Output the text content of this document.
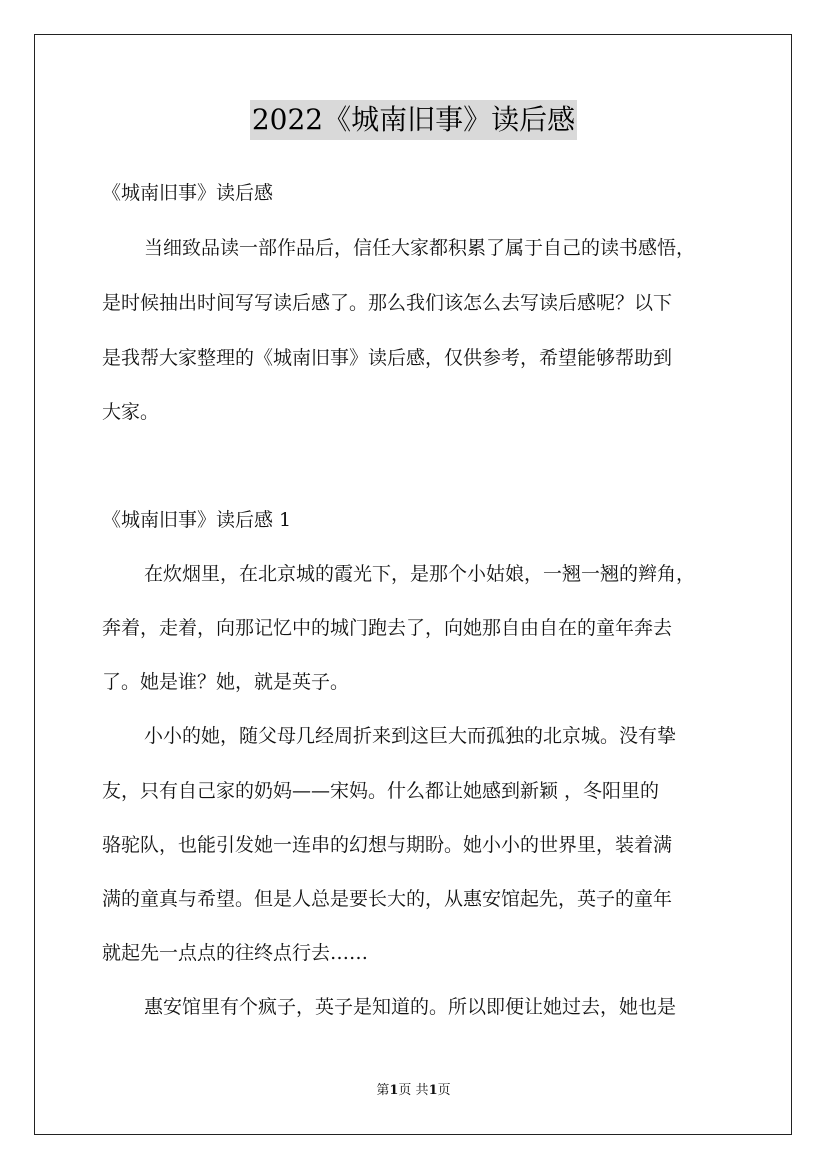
2022《城南旧事》读后感
《城南旧事》读后感
当细致品读一部作品后，信任大家都积累了属于自己的读书感悟，
是时候抽出时间写写读后感了。那么我们该怎么去写读后感呢？以下
是我帮大家整理的《城南旧事》读后感，仅供参考，希望能够帮助到
大家。
《城南旧事》读后感 1
在炊烟里，在北京城的霞光下，是那个小姑娘，一翘一翘的辫角，
奔着，走着，向那记忆中的城门跑去了，向她那自由自在的童年奔去
了。她是谁？她，就是英子。
小小的她，随父母几经周折来到这巨大而孤独的北京城。没有挚
友，只有自己家的奶妈——宋妈。什么都让她感到新颖 ，冬阳里的
骆驼队，也能引发她一连串的幻想与期盼。她小小的世界里，装着满
满的童真与希望。但是人总是要长大的，从惠安馆起先，英子的童年
就起先一点点的往终点行去……
惠安馆里有个疯子，英子是知道的。所以即便让她过去，她也是
第1页 共1页
